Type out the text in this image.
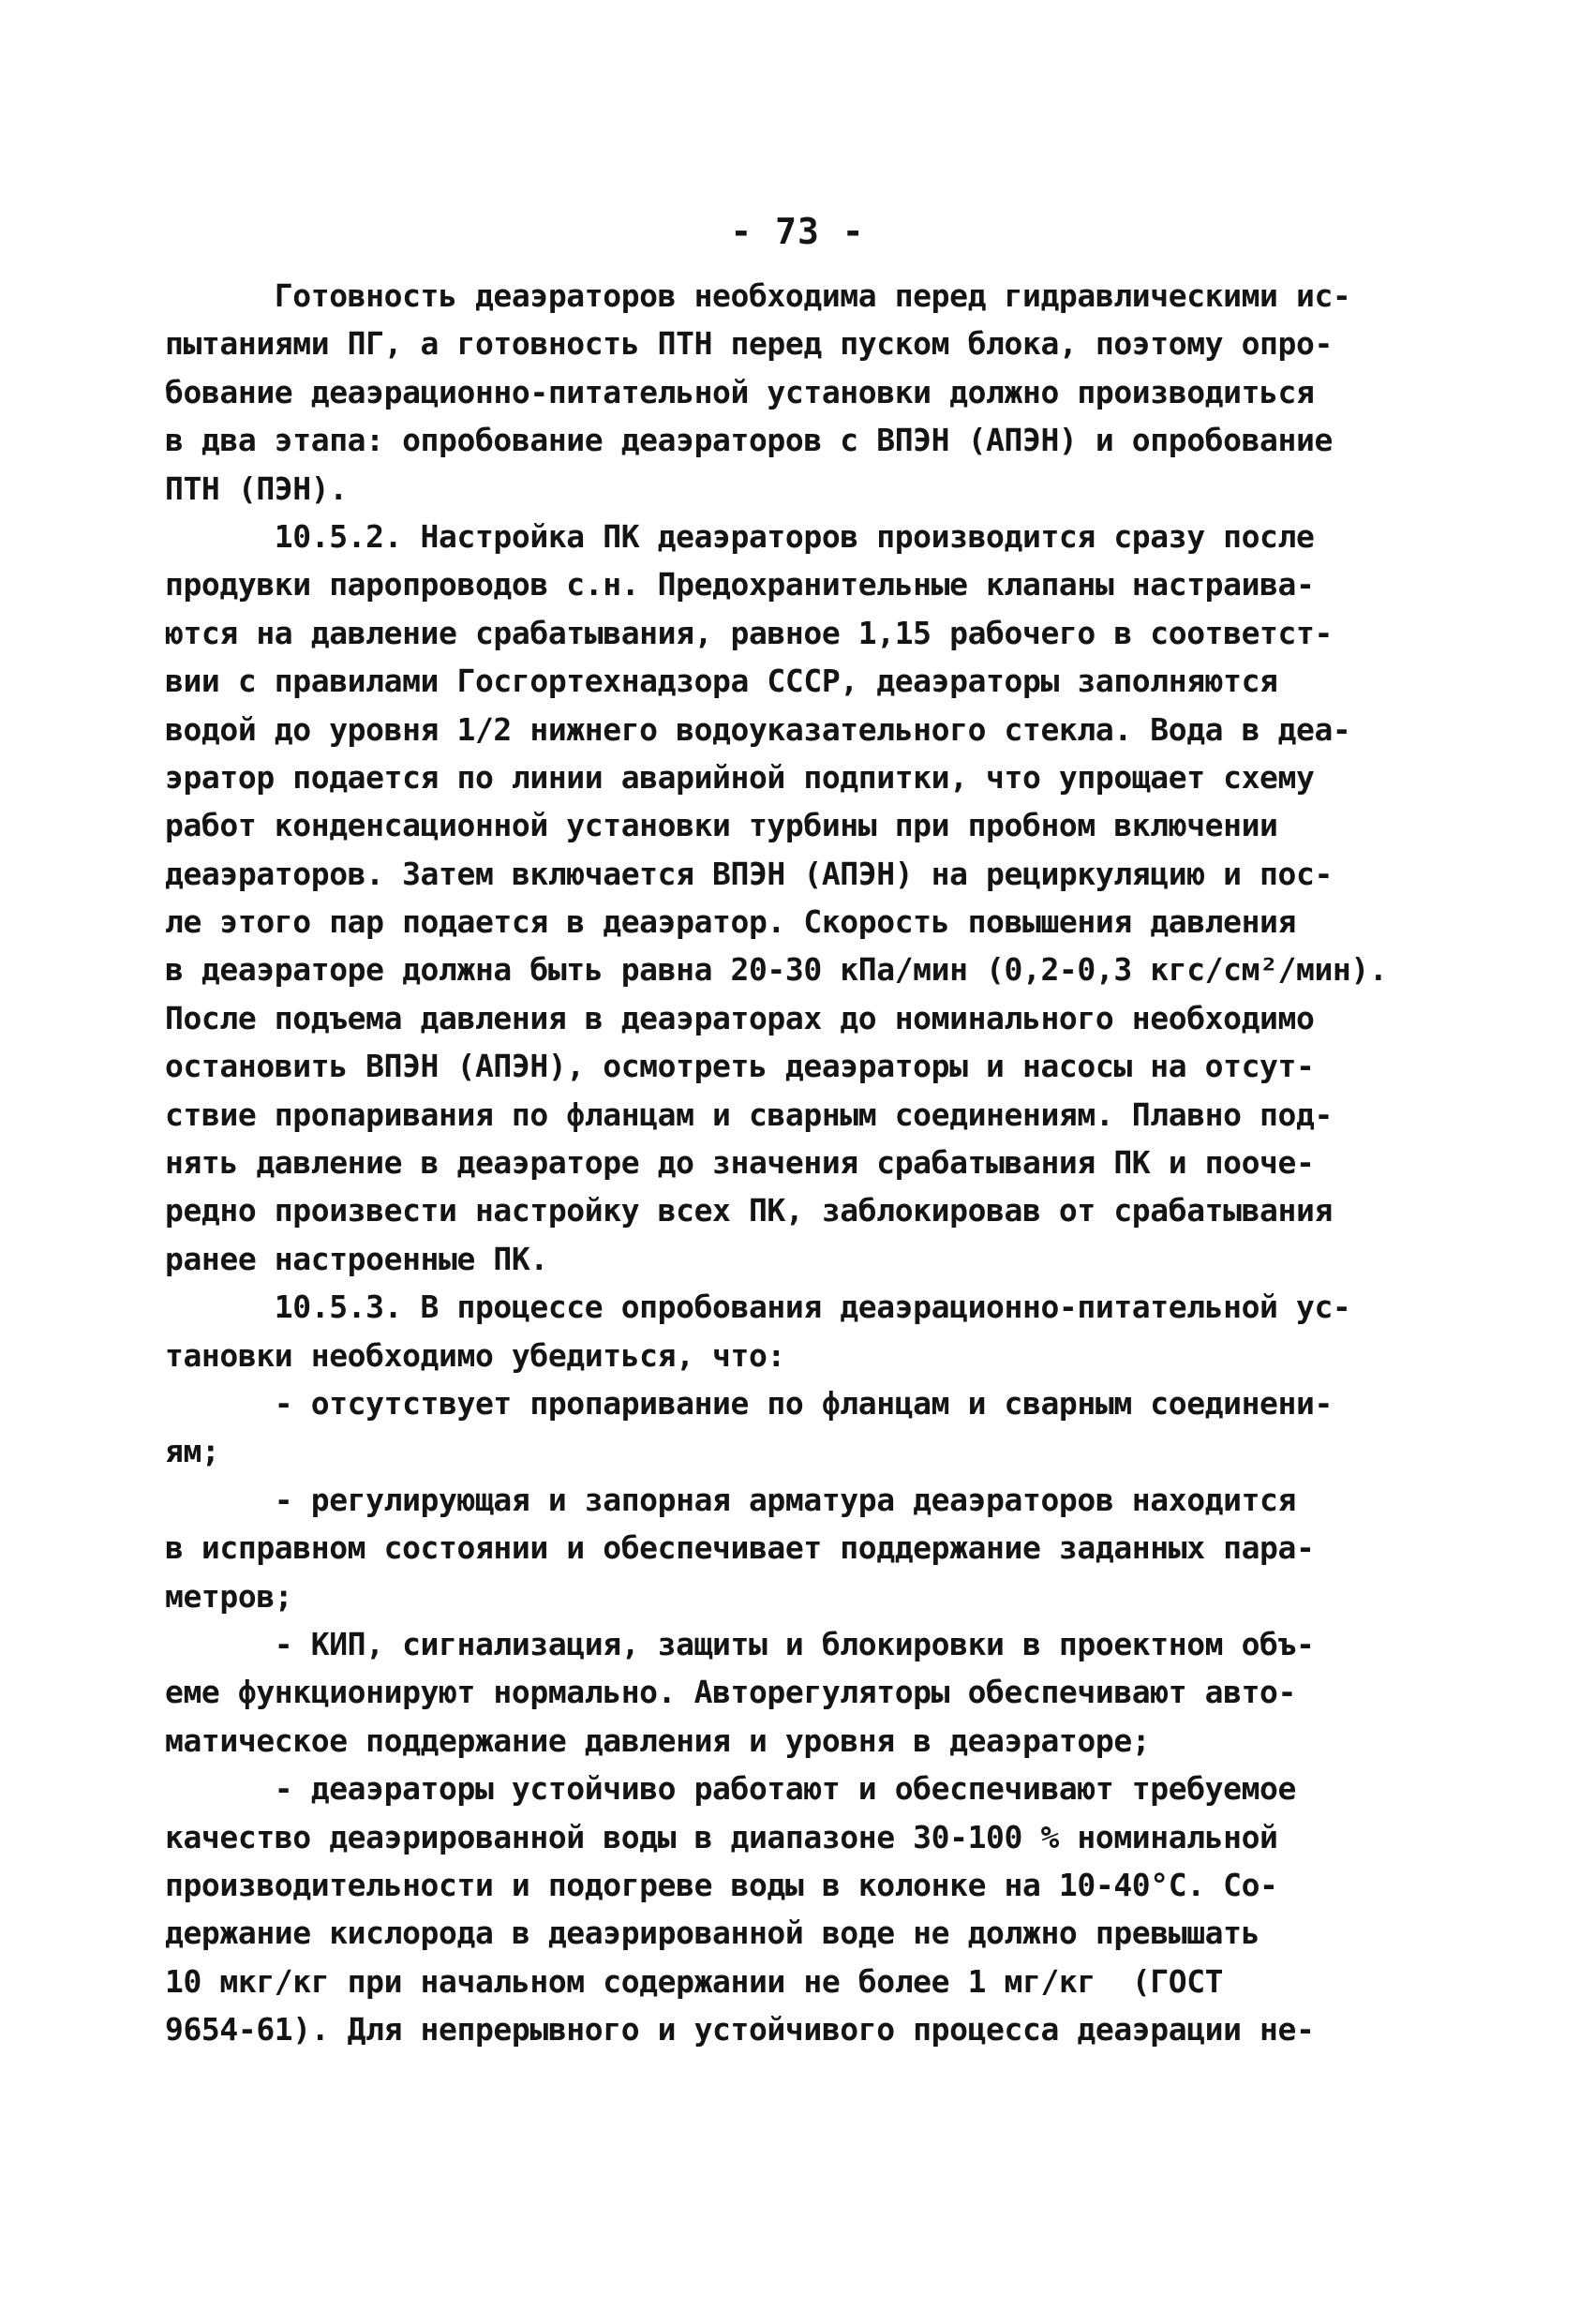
- 73 -
Готовность деаэраторов необходима перед гидравлическими ис-
пытаниями ПГ, а готовность ПТН перед пуском блока, поэтому опро-
бование деаэрационно-питательной установки должно производиться
в два этапа: опробование деаэраторов с ВПЭН (АПЭН) и опробование
ПТН (ПЭН).
10.5.2. Настройка ПК деаэраторов производится сразу после
продувки паропроводов с.н. Предохранительные клапаны настраива-
ются на давление срабатывания, равное 1,15 рабочего в соответст-
вии с правилами Госгортехнадзора СССР, деаэраторы заполняются
водой до уровня 1/2 нижнего водоуказательного стекла. Вода в деа-
эратор подается по линии аварийной подпитки, что упрощает схему
работ конденсационной установки турбины при пробном включении
деаэраторов. Затем включается ВПЭН (АПЭН) на рециркуляцию и пос-
ле этого пар подается в деаэратор. Скорость повышения давления
в деаэраторе должна быть равна 20-30 кПа/мин (0,2-0,3 кгс/см²/мин).
После подъема давления в деаэраторах до номинального необходимо
остановить ВПЭН (АПЭН), осмотреть деаэраторы и насосы на отсут-
ствие пропаривания по фланцам и сварным соединениям. Плавно под-
нять давление в деаэраторе до значения срабатывания ПК и поочe-
редно произвести настройку всех ПК, заблокировав от срабатывания
ранее настроенные ПК.
10.5.3. В процессе опробования деаэрационно-питательной ус-
тановки необходимо убедиться, что:
- отсутствует пропаривание по фланцам и сварным соединени-
ям;
- регулирующая и запорная арматура деаэраторов находится
в исправном состоянии и обеспечивает поддержание заданных пара-
метров;
- КИП, сигнализация, защиты и блокировки в проектном объ-
еме функционируют нормально. Авторегуляторы обеспечивают авто-
матическое поддержание давления и уровня в деаэраторе;
- деаэраторы устойчиво работают и обеспечивают требуемое
качество деаэрированной воды в диапазоне 30-100 % номинальной
производительности и подогреве воды в колонке на 10-40°С. Со-
держание кислорода в деаэрированной воде не должно превышать
10 мкг/кг при начальном содержании не более 1 мг/кг  (ГОСТ
9654-61). Для непрерывного и устойчивого процесса деаэрации не-
